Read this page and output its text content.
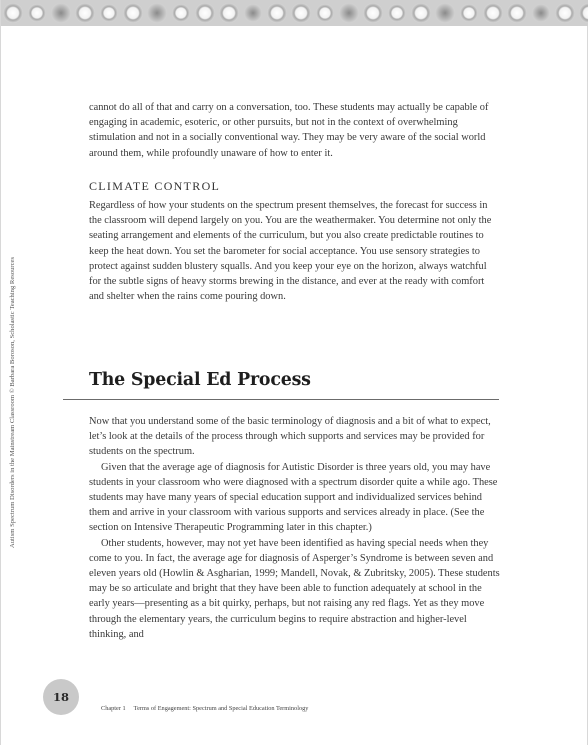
Autism Spectrum Disorders in the Mainstream Classroom © Barbara Boroson, Scholastic Teaching Resources

cannot do all of that and carry on a conversation, too. These students may actually be capable of engaging in academic, esoteric, or other pursuits, but not in the context of overwhelming stimulation and not in a socially conventional way. They may be very aware of the social world around them, while profoundly unaware of how to enter it.

CLIMATE CONTROL

Regardless of how your students on the spectrum present themselves, the forecast for success in the classroom will depend largely on you. You are the weathermaker. You determine not only the seating arrangement and elements of the curriculum, but you also create predictable routines to keep the heat down. You set the barometer for social acceptance. You use sensory strategies to protect against sudden blustery squalls. And you keep your eye on the horizon, always watchful for the subtle signs of heavy storms brewing in the distance, and ever at the ready with comfort and shelter when the rains come pouring down.

The Special Ed Process

Now that you understand some of the basic terminology of diagnosis and a bit of what to expect, let’s look at the details of the process through which supports and services may be provided for students on the spectrum.

Given that the average age of diagnosis for Autistic Disorder is three years old, you may have students in your classroom who were diagnosed with a spectrum disorder quite a while ago. These students may have many years of special education support and individualized services behind them and arrive in your classroom with various supports and services already in place. (See the section on Intensive Therapeutic Programming later in this chapter.)

Other students, however, may not yet have been identified as having special needs when they come to you. In fact, the average age for diagnosis of Asperger’s Syndrome is between seven and eleven years old (Howlin & Asgharian, 1999; Mandell, Novak, & Zubritsky, 2005). These students may be so articulate and bright that they have been able to function adequately at school in the early years—presenting as a bit quirky, perhaps, but not raising any red flags. Yet as they move through the elementary years, the curriculum begins to require abstraction and higher-level thinking, and

18
Chapter 1 Terms of Engagement: Spectrum and Special Education Terminology
